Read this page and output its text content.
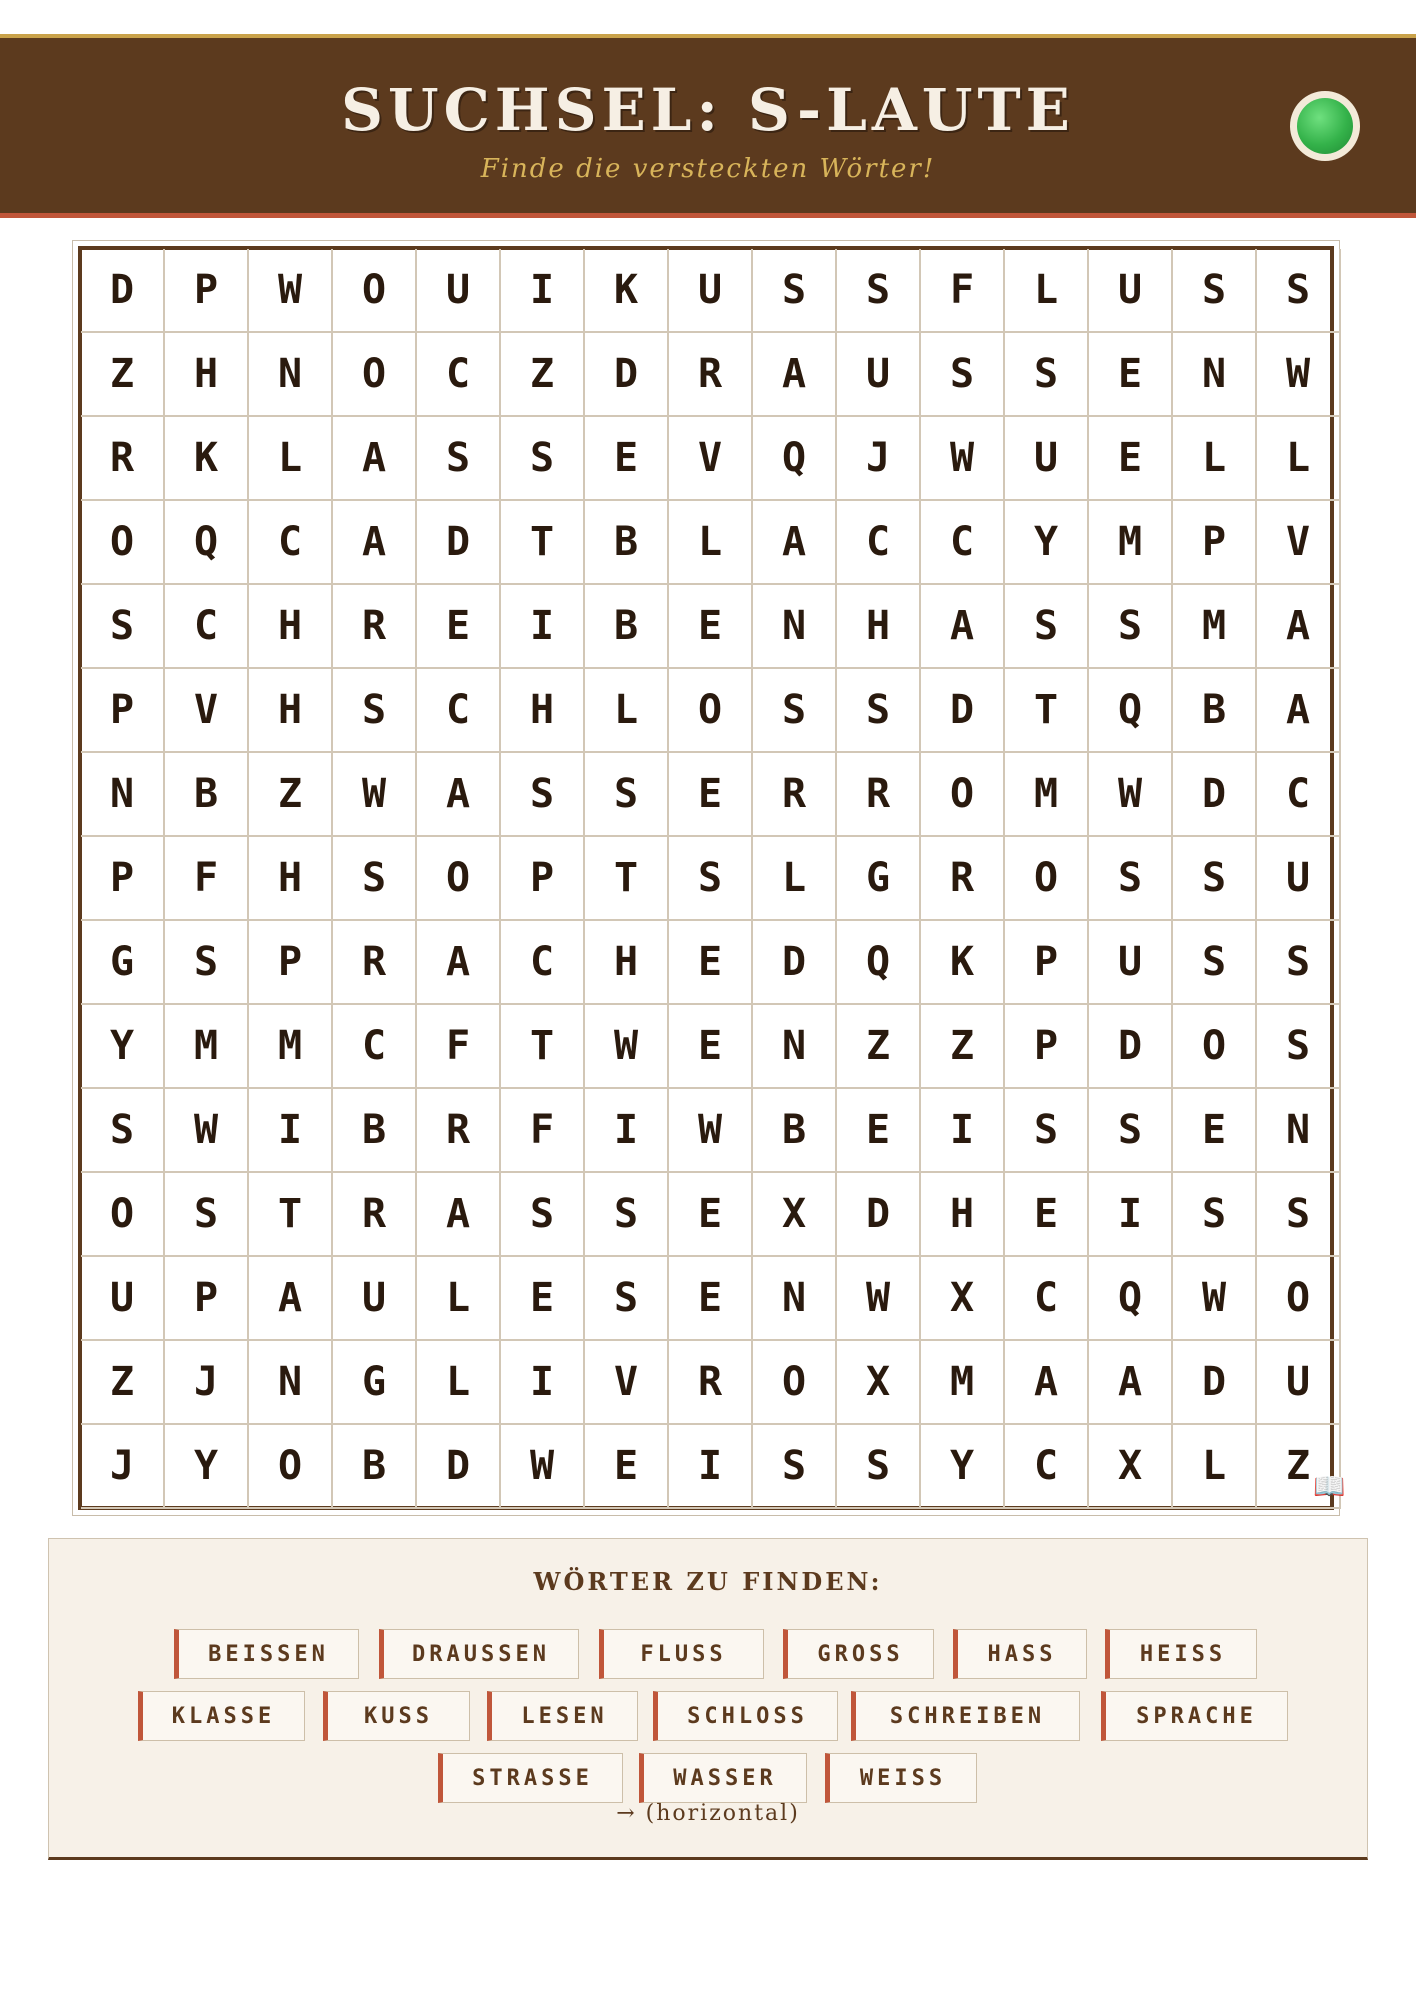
SUCHSEL: S-LAUTE
Finde die versteckten Wörter!
D	P	W	O	U	I	K	U	S	S	F	L	U	S	S
Z	H	N	O	C	Z	D	R	A	U	S	S	E	N	W
R	K	L	A	S	S	E	V	Q	J	W	U	E	L	L
O	Q	C	A	D	T	B	L	A	C	C	Y	M	P	V
S	C	H	R	E	I	B	E	N	H	A	S	S	M	A
P	V	H	S	C	H	L	O	S	S	D	T	Q	B	A
N	B	Z	W	A	S	S	E	R	R	O	M	W	D	C
P	F	H	S	O	P	T	S	L	G	R	O	S	S	U
G	S	P	R	A	C	H	E	D	Q	K	P	U	S	S
Y	M	M	C	F	T	W	E	N	Z	Z	P	D	O	S
S	W	I	B	R	F	I	W	B	E	I	S	S	E	N
O	S	T	R	A	S	S	E	X	D	H	E	I	S	S
U	P	A	U	L	E	S	E	N	W	X	C	Q	W	O
Z	J	N	G	L	I	V	R	O	X	M	A	A	D	U
J	Y	O	B	D	W	E	I	S	S	Y	C	X	L	Z 📖
WÖRTER ZU FINDEN:
BEISSEN	DRAUSSEN	FLUSS	GROSS	HASS	HEISS
KLASSE	KUSS	LESEN	SCHLOSS	SCHREIBEN	SPRACHE
STRASSE	WASSER	WEISS
→ (horizontal)
